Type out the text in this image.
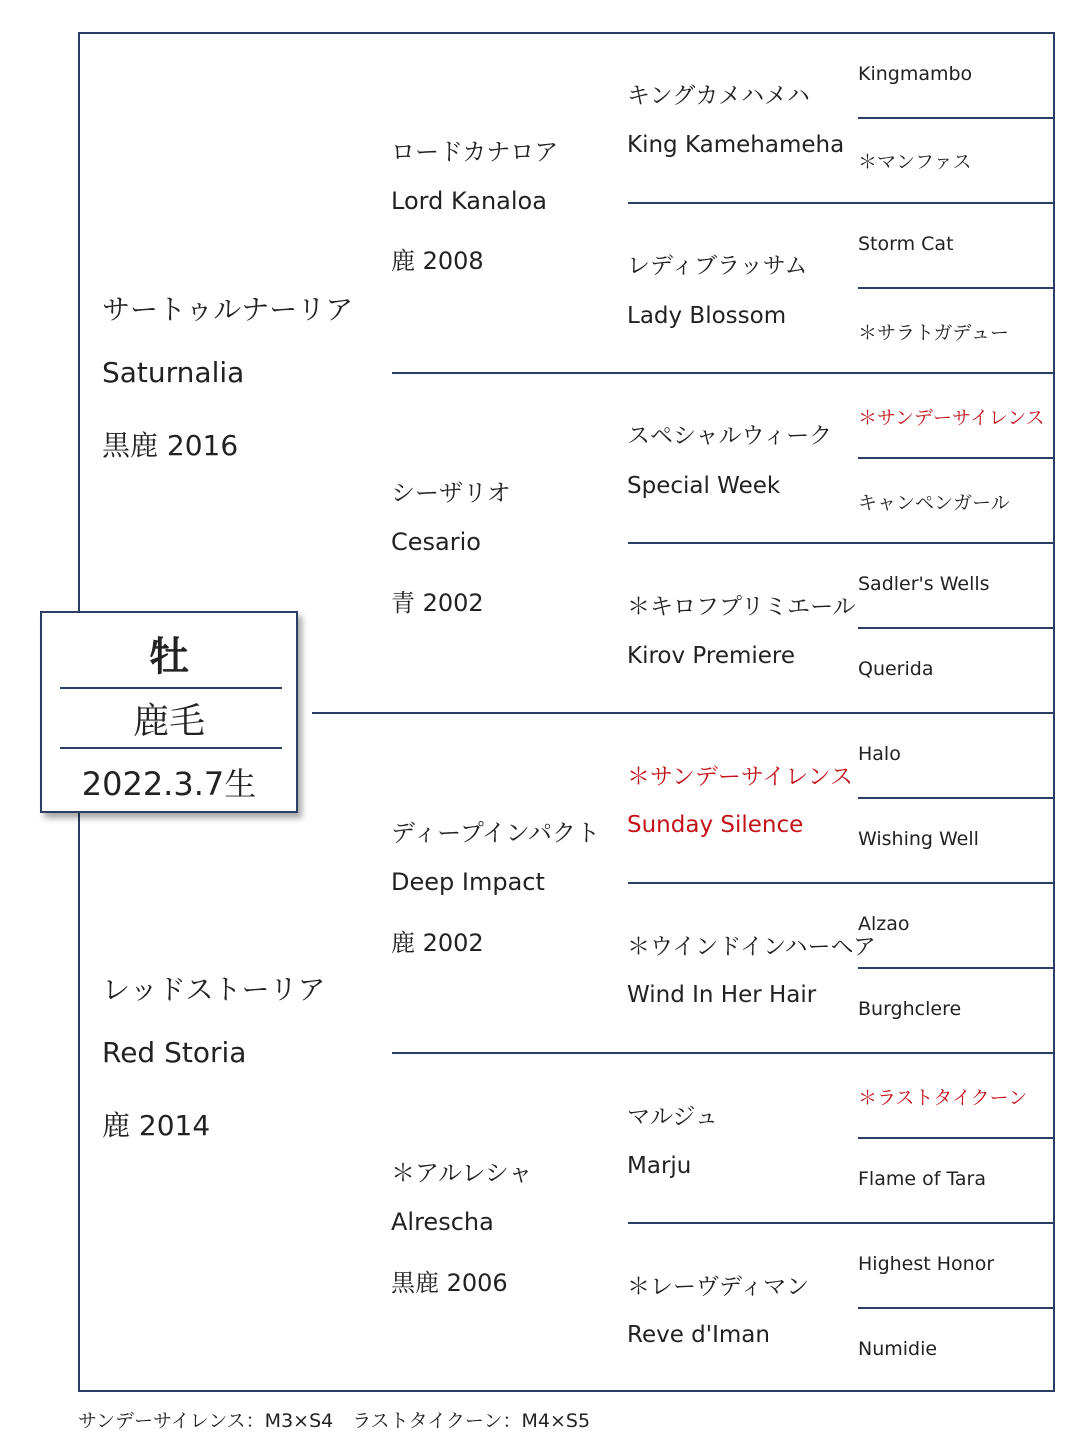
サートゥルナーリア
Saturnalia
黒鹿 2016
レッドストーリア
Red Storia
鹿 2014
ロードカナロア
Lord Kanaloa
鹿 2008
シーザリオ
Cesario
青 2002
ディープインパクト
Deep Impact
鹿 2002
＊アルレシャ
Alrescha
黒鹿 2006
キングカメハメハ
King Kamehameha
レディブラッサム
Lady Blossom
スペシャルウィーク
Special Week
＊キロフプリミエール
Kirov Premiere
＊サンデーサイレンス
Sunday Silence
＊ウインドインハーヘア
Wind In Her Hair
マルジュ
Marju
＊レーヴディマン
Reve d'Iman
Kingmambo
＊マンファス
Storm Cat
＊サラトガデュー
＊サンデーサイレンス
キャンペンガール
Sadler's Wells
Querida
Halo
Wishing Well
Alzao
Burghclere
＊ラストタイクーン
Flame of Tara
Highest Honor
Numidie
牡
鹿毛
2022.3.7生
サンデーサイレンス：M3×S4　ラストタイクーン：M4×S5
